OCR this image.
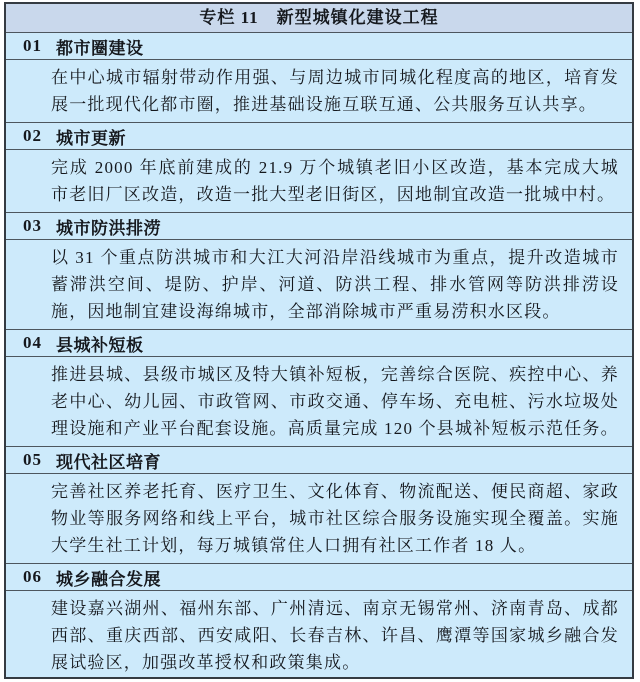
专栏 11　新型城镇化建设工程
01 都市圈建设
在中心城市辐射带动作用强、与周边城市同城化程度高的地区，培育发展一批现代化都市圈，推进基础设施互联互通、公共服务互认共享。
02 城市更新
完成 2000 年底前建成的 21.9 万个城镇老旧小区改造，基本完成大城市老旧厂区改造，改造一批大型老旧街区，因地制宜改造一批城中村。
03 城市防洪排涝
以 31 个重点防洪城市和大江大河沿岸沿线城市为重点，提升改造城市蓄滞洪空间、堤防、护岸、河道、防洪工程、排水管网等防洪排涝设施，因地制宜建设海绵城市，全部消除城市严重易涝积水区段。
04 县城补短板
推进县城、县级市城区及特大镇补短板，完善综合医院、疾控中心、养老中心、幼儿园、市政管网、市政交通、停车场、充电桩、污水垃圾处理设施和产业平台配套设施。高质量完成 120 个县城补短板示范任务。
05 现代社区培育
完善社区养老托育、医疗卫生、文化体育、物流配送、便民商超、家政物业等服务网络和线上平台，城市社区综合服务设施实现全覆盖。实施大学生社工计划，每万城镇常住人口拥有社区工作者 18 人。
06 城乡融合发展
建设嘉兴湖州、福州东部、广州清远、南京无锡常州、济南青岛、成都西部、重庆西部、西安咸阳、长春吉林、许昌、鹰潭等国家城乡融合发展试验区，加强改革授权和政策集成。
